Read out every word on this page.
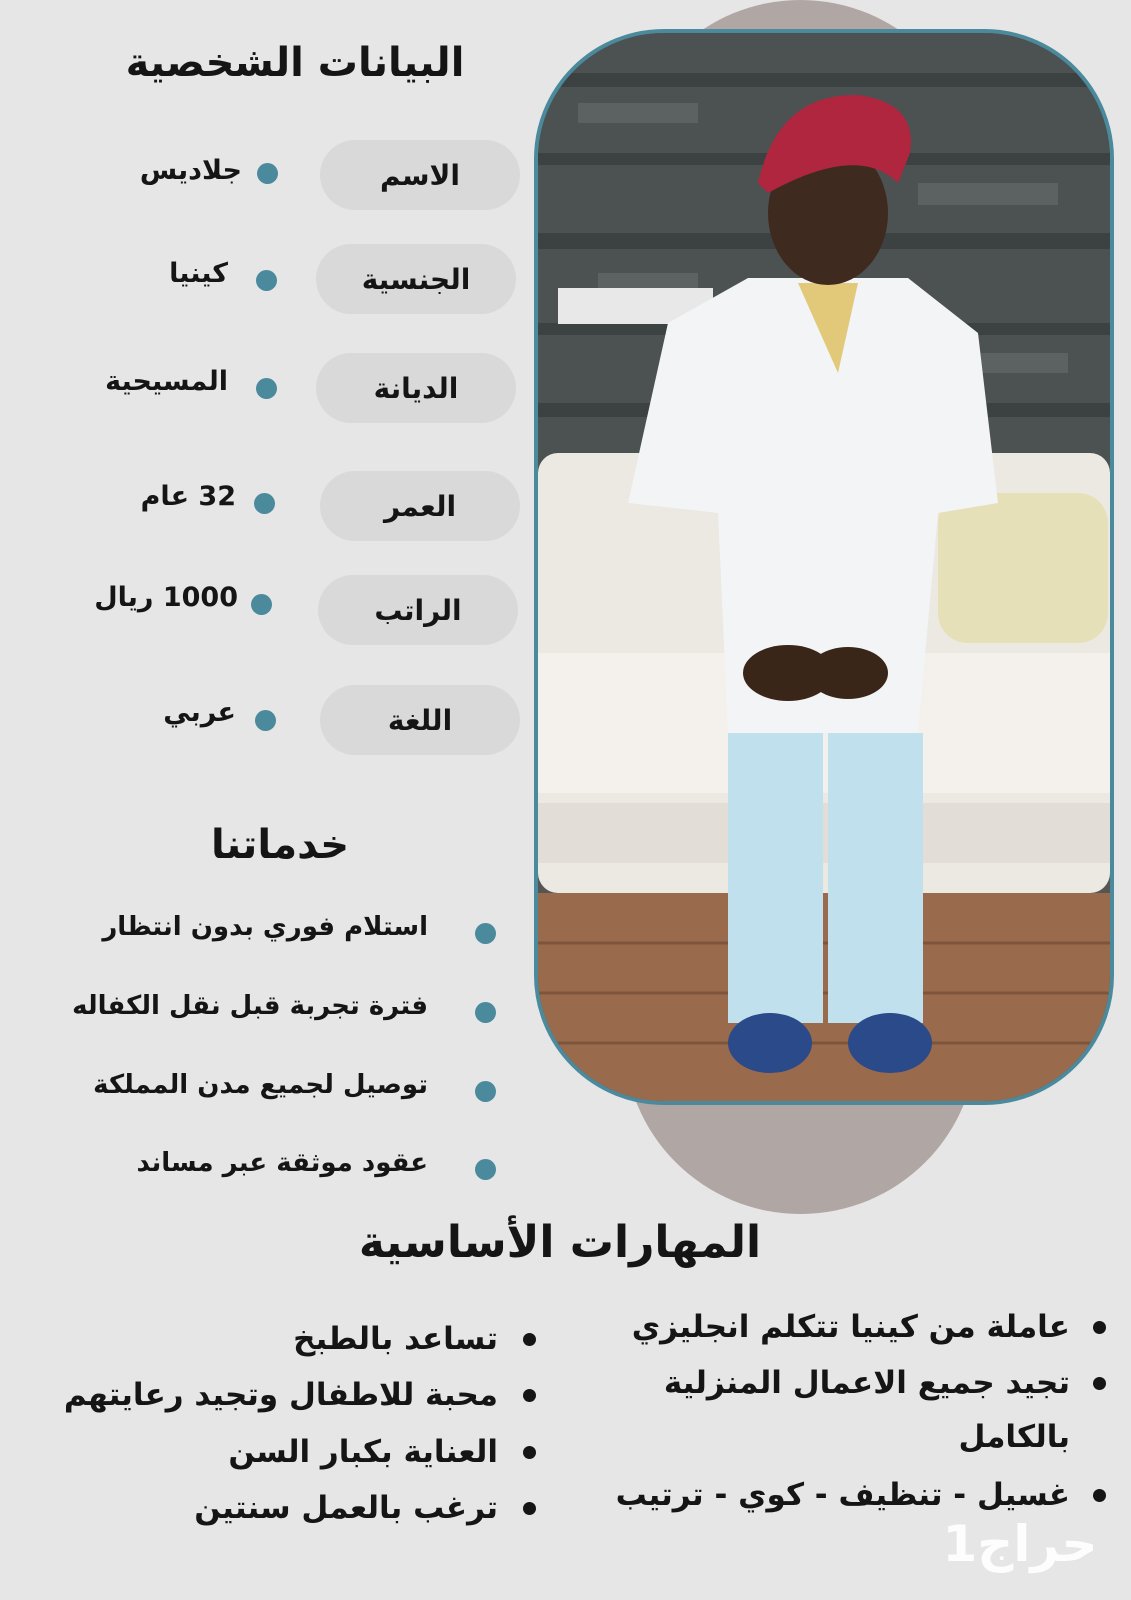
البيانات الشخصية
الاسم
جلاديس
الجنسية
كينيا
الديانة
المسيحية
العمر
32 عام
الراتب
1000 ريال
اللغة
عربي
خدماتنا
استلام فوري بدون انتظار
فترة تجربة قبل نقل الكفاله
توصيل لجميع مدن المملكة
عقود موثقة عبر مساند
المهارات الأساسية
عاملة من كينيا تتكلم انجليزي
تجيد جميع الاعمال المنزلية بالكامل
غسيل - تنظيف - كوي - ترتيب
تساعد بالطبخ
محبة للاطفال وتجيد رعايتهم
العناية بكبار السن
ترغب بالعمل سنتين
حراج1
